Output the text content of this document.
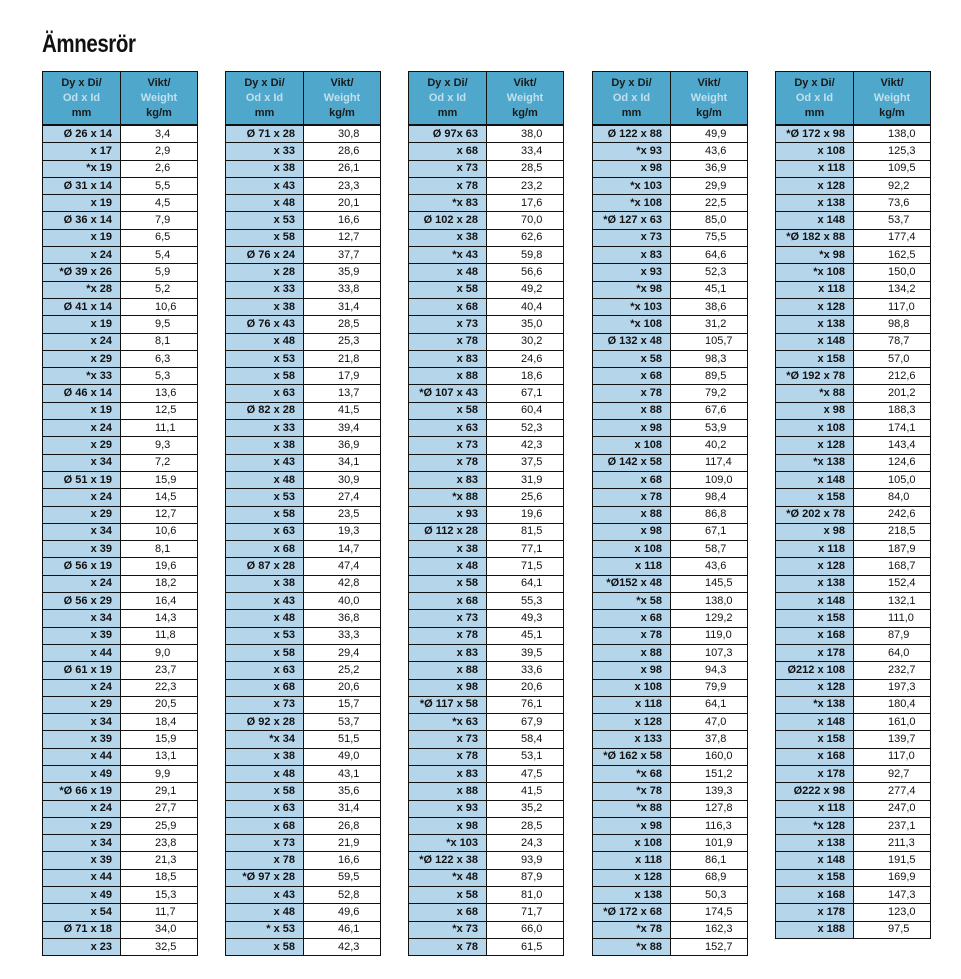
Ämnesrör
Dy x Di/
Od x Id
mm	Vikt/
Weight
kg/m

Ø 26 x 14	3,4
x 17	2,9
*x 19	2,6
Ø 31 x 14	5,5
x 19	4,5
Ø 36 x 14	7,9
x 19	6,5
x 24	5,4
*Ø 39 x 26	5,9
*x 28	5,2
Ø 41 x 14	10,6
x 19	9,5
x 24	8,1
x 29	6,3
*x 33	5,3
Ø 46 x 14	13,6
x 19	12,5
x 24	11,1
x 29	9,3
x 34	7,2
Ø 51 x 19	15,9
x 24	14,5
x 29	12,7
x 34	10,6
x 39	8,1
Ø 56 x 19	19,6
x 24	18,2
Ø 56 x 29	16,4
x 34	14,3
x 39	11,8
x 44	9,0
Ø 61 x 19	23,7
x 24	22,3
x 29	20,5
x 34	18,4
x 39	15,9
x 44	13,1
x 49	9,9
*Ø 66 x 19	29,1
x 24	27,7
x 29	25,9
x 34	23,8
x 39	21,3
x 44	18,5
x 49	15,3
x 54	11,7
Ø 71 x 18	34,0
x 23	32,5
Dy x Di/
Od x Id
mm	Vikt/
Weight
kg/m

Ø 71 x 28	30,8
x 33	28,6
x 38	26,1
x 43	23,3
x 48	20,1
x 53	16,6
x 58	12,7
Ø 76 x 24	37,7
x 28	35,9
x 33	33,8
x 38	31,4
Ø 76 x 43	28,5
x 48	25,3
x 53	21,8
x 58	17,9
x 63	13,7
Ø 82 x 28	41,5
x 33	39,4
x 38	36,9
x 43	34,1
x 48	30,9
x 53	27,4
x 58	23,5
x 63	19,3
x 68	14,7
Ø 87 x 28	47,4
x 38	42,8
x 43	40,0
x 48	36,8
x 53	33,3
x 58	29,4
x 63	25,2
x 68	20,6
x 73	15,7
Ø 92 x 28	53,7
*x 34	51,5
x 38	49,0
x 48	43,1
x 58	35,6
x 63	31,4
x 68	26,8
x 73	21,9
x 78	16,6
*Ø 97 x 28	59,5
x 43	52,8
x 48	49,6
* x 53	46,1
x 58	42,3
Dy x Di/
Od x Id
mm	Vikt/
Weight
kg/m

Ø 97x 63	38,0
x 68	33,4
x 73	28,5
x 78	23,2
*x 83	17,6
Ø 102 x 28	70,0
x 38	62,6
*x 43	59,8
x 48	56,6
x 58	49,2
x 68	40,4
x 73	35,0
x 78	30,2
x 83	24,6
x 88	18,6
*Ø 107 x 43	67,1
x 58	60,4
x 63	52,3
x 73	42,3
x 78	37,5
x 83	31,9
*x 88	25,6
x 93	19,6
Ø 112 x 28	81,5
x 38	77,1
x 48	71,5
x 58	64,1
x 68	55,3
x 73	49,3
x 78	45,1
x 83	39,5
x 88	33,6
x 98	20,6
*Ø 117 x 58	76,1
*x 63	67,9
x 73	58,4
x 78	53,1
x 83	47,5
x 88	41,5
x 93	35,2
x 98	28,5
*x 103	24,3
*Ø 122 x 38	93,9
*x 48	87,9
x 58	81,0
x 68	71,7
*x 73	66,0
x 78	61,5
Dy x Di/
Od x Id
mm	Vikt/
Weight
kg/m

Ø 122 x 88	49,9
*x 93	43,6
x 98	36,9
*x 103	29,9
*x 108	22,5
*Ø 127 x 63	85,0
x 73	75,5
x 83	64,6
x 93	52,3
*x 98	45,1
*x 103	38,6
*x 108	31,2
Ø 132 x 48	105,7
x 58	98,3
x 68	89,5
x 78	79,2
x 88	67,6
x 98	53,9
x 108	40,2
Ø 142 x 58	117,4
x 68	109,0
x 78	98,4
x 88	86,8
x 98	67,1
x 108	58,7
x 118	43,6
*Ø152 x 48	145,5
*x 58	138,0
x 68	129,2
x 78	119,0
x 88	107,3
x 98	94,3
x 108	79,9
x 118	64,1
x 128	47,0
x 133	37,8
*Ø 162 x 58	160,0
*x 68	151,2
*x 78	139,3
*x 88	127,8
x 98	116,3
x 108	101,9
x 118	86,1
x 128	68,9
x 138	50,3
*Ø 172 x 68	174,5
*x 78	162,3
*x 88	152,7
Dy x Di/
Od x Id
mm	Vikt/
Weight
kg/m

*Ø 172 x 98	138,0
x 108	125,3
x 118	109,5
x 128	92,2
x 138	73,6
x 148	53,7
*Ø 182 x 88	177,4
*x 98	162,5
*x 108	150,0
x 118	134,2
x 128	117,0
x 138	98,8
x 148	78,7
x 158	57,0
*Ø 192 x 78	212,6
*x 88	201,2
x 98	188,3
x 108	174,1
x 128	143,4
*x 138	124,6
x 148	105,0
x 158	84,0
*Ø 202 x 78	242,6
x 98	218,5
x 118	187,9
x 128	168,7
x 138	152,4
x 148	132,1
x 158	111,0
x 168	87,9
x 178	64,0
Ø212 x 108	232,7
x 128	197,3
*x 138	180,4
x 148	161,0
x 158	139,7
x 168	117,0
x 178	92,7
Ø222 x 98	277,4
x 118	247,0
*x 128	237,1
x 138	211,3
x 148	191,5
x 158	169,9
x 168	147,3
x 178	123,0
x 188	97,5
